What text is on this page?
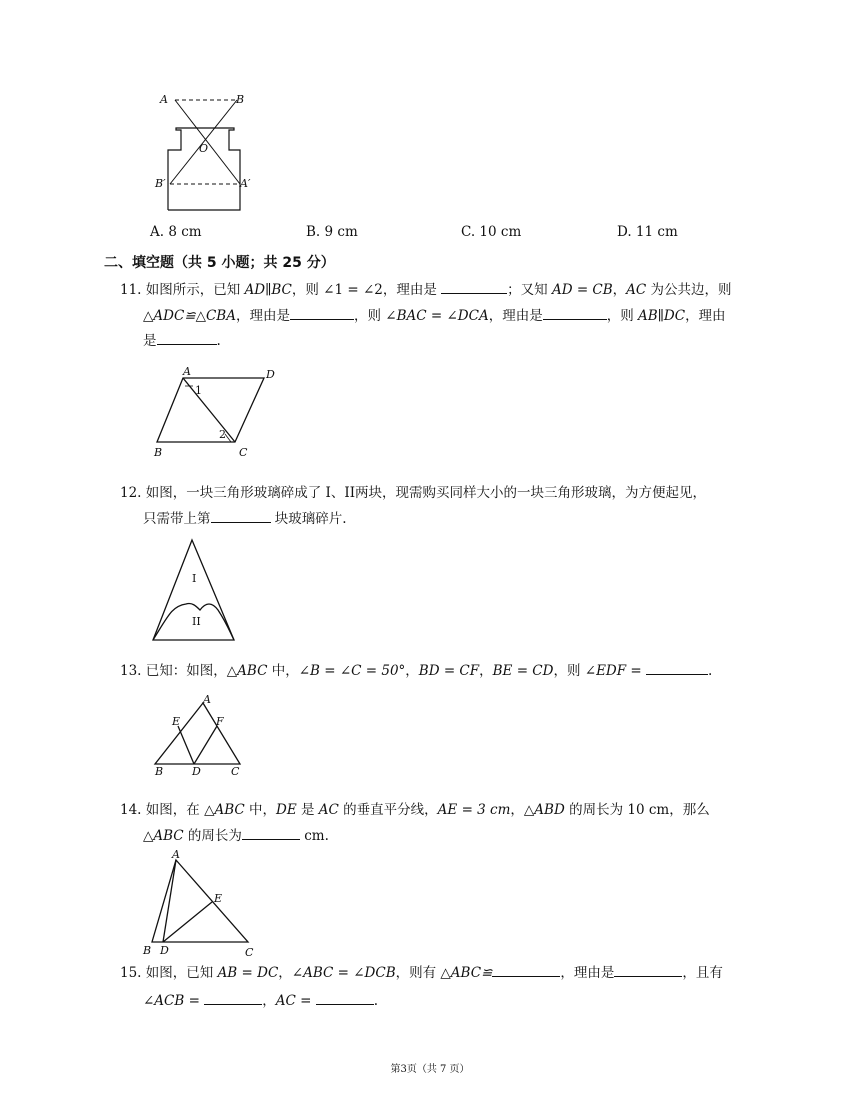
A	B
O
B′	A′
A. 8 cm	B. 9 cm	C. 10 cm	D. 11 cm
二、填空题（共 5 小题；共 25 分）
11. 如图所示，已知 AD∥BC，则 ∠1 = ∠2，理由是	；又知 AD = CB，AC 为公共边，则
△ADC≌△CBA，理由是	，则 ∠BAC = ∠DCA，理由是	，则 AB∥DC，理由
是	.
A	D
B	C
1
2
12. 如图，一块三角形玻璃碎成了 I、II两块，现需购买同样大小的一块三角形玻璃，为方便起见，
只需带上第	块玻璃碎片.
I
II
13. 已知：如图，△ABC 中，∠B = ∠C = 50°，BD = CF，BE = CD，则 ∠EDF =	.
A
E	F
B	D	C
14. 如图，在 △ABC 中，DE 是 AC 的垂直平分线，AE = 3 cm，△ABD 的周长为 10 cm，那么
△ABC 的周长为	cm.
A
E
B D	C
15. 如图，已知 AB = DC，∠ABC = ∠DCB，则有 △ABC≌	，理由是	，且有
∠ACB =	，AC =	.
第3页（共 7 页）
